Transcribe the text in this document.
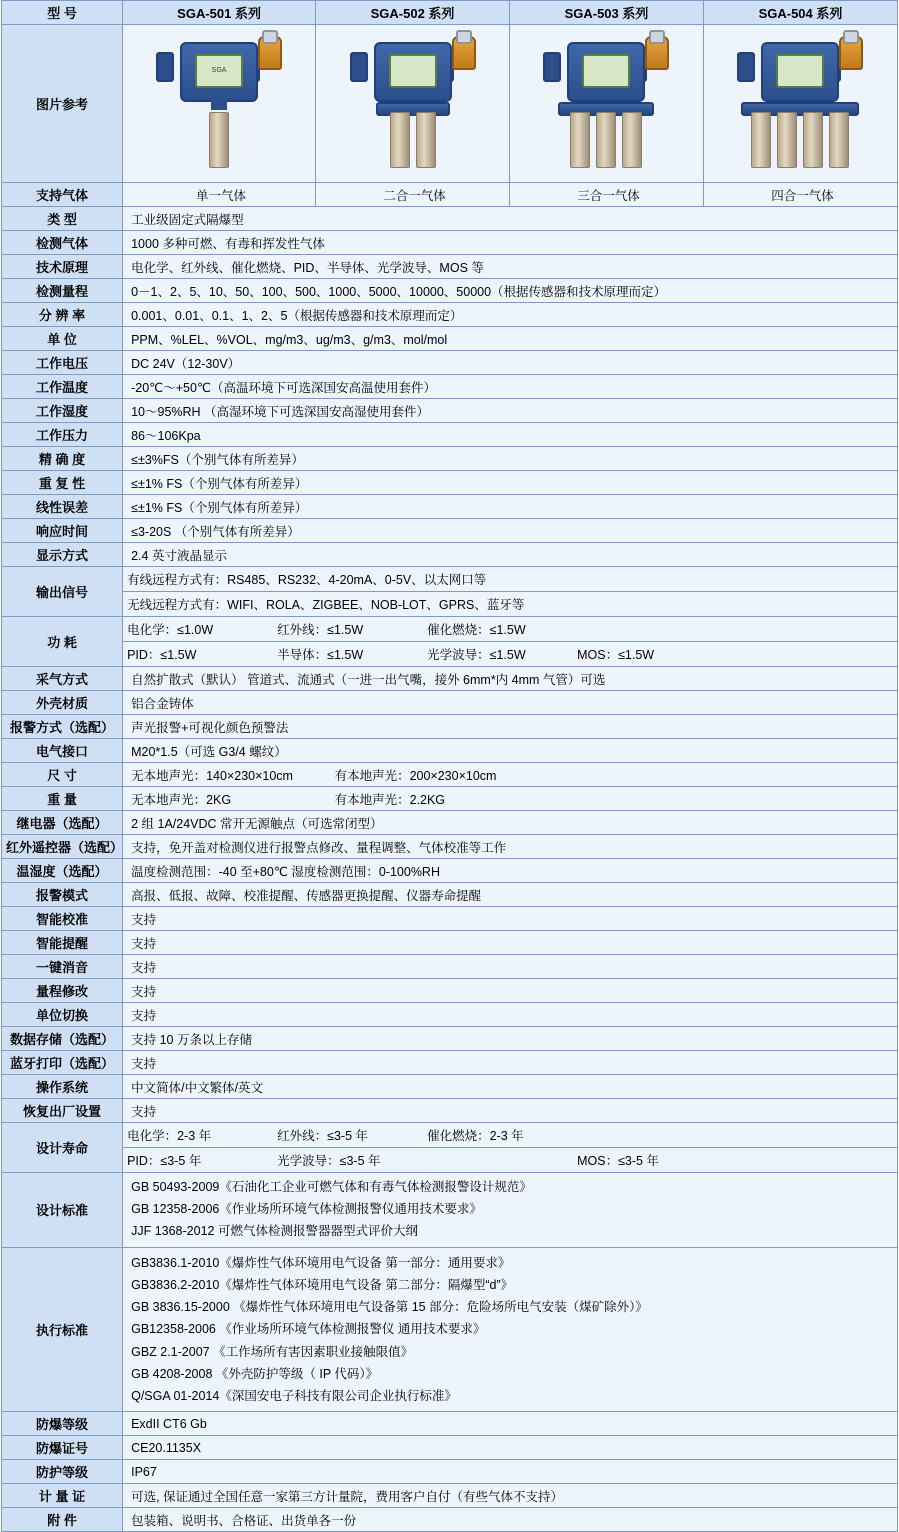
型 号	SGA-501 系列	SGA-502 系列	SGA-503 系列	SGA-504 系列
图片参考	SGA			

支持气体	单一气体	二合一气体	三合一气体	四合一气体
类 型	工业级固定式隔爆型			
检测气体	1000 多种可燃、有毒和挥发性气体			
技术原理	电化学、红外线、催化燃烧、PID、半导体、光学波导、MOS 等			
检测量程	0－1、2、5、10、50、100、500、1000、5000、10000、50000（根据传感器和技术原理而定）			
分 辨 率	0.001、0.01、0.1、1、2、5（根据传感器和技术原理而定）			
单 位	PPM、%LEL、%VOL、mg/m3、ug/m3、g/m3、mol/mol			
工作电压	DC 24V（12-30V）			
工作温度	-20℃～+50℃（高温环境下可选深国安高温使用套件）			
工作湿度	10～95%RH （高湿环境下可选深国安高湿使用套件）			
工作压力	86～106Kpa			
精 确 度	≤±3%FS（个别气体有所差异）			
重 复 性	≤±1% FS（个别气体有所差异）			
线性误差	≤±1% FS（个别气体有所差异）			
响应时间	≤3-20S （个别气体有所差异）			
显示方式	2.4 英寸液晶显示			
输出信号	有线远程方式有：RS485、RS232、4-20mA、0-5V、以太网口等
无线远程方式有：WIFI、ROLA、ZIGBEE、NOB-LOT、GPRS、蓝牙等			

功 耗	
电化学：≤1.0W	红外线：≤1.5W	催化燃烧：≤1.5W
PID：≤1.5W	半导体：≤1.5W	光学波导：≤1.5W	MOS：≤1.5W

采气方式	自然扩散式（默认） 管道式、流通式（一进一出气嘴，接外 6mm*内 4mm 气管）可选			
外壳材质	铝合金铸体			
报警方式（选配）	声光报警+可视化颜色预警法			
电气接口	M20*1.5（可选 G3/4 螺纹）			
尺 寸	无本地声光：140×230×10cm 有本地声光：200×230×10cm			
重 量	无本地声光：2KG 有本地声光：2.2KG			
继电器（选配）	2 组 1A/24VDC 常开无源触点（可选常闭型）			
红外遥控器（选配）	支持，免开盖对检测仪进行报警点修改、量程调整、气体校准等工作			
温湿度（选配）	温度检测范围：-40 至+80℃ 湿度检测范围：0-100%RH			
报警模式	高报、低报、故障、校准提醒、传感器更换提醒、仪器寿命提醒			
智能校准	支持			
智能提醒	支持			
一键消音	支持			
量程修改	支持			
单位切换	支持			
数据存储（选配）	支持 10 万条以上存储			
蓝牙打印（选配）	支持			
操作系统	中文简体/中文繁体/英文			
恢复出厂设置	支持			
设计寿命	
电化学：2-3 年	红外线：≤3-5 年	催化燃烧：2-3 年
PID：≤3-5 年	光学波导：≤3-5 年	MOS：≤3-5 年

设计标准	GB 50493-2009《石油化工企业可燃气体和有毒气体检测报警设计规范》
GB 12358-2006《作业场所环境气体检测报警仪通用技术要求》
JJF 1368-2012 可燃气体检测报警器器型式评价大纲			

执行标准	
GB3836.1-2010《爆炸性气体环境用电气设备 第一部分：通用要求》
GB3836.2-2010《爆炸性气体环境用电气设备 第二部分：隔爆型“d”》
GB 3836.15-2000 《爆炸性气体环境用电气设备第 15 部分：危险场所电气安装（煤矿除外）》
GB12358-2006 《作业场所环境气体检测报警仪 通用技术要求》
GBZ 2.1-2007 《工作场所有害因素职业接触限值》
GB 4208-2008 《外壳防护等级（ IP 代码）》
Q/SGA 01-2014《深国安电子科技有限公司企业执行标准》

防爆等级	ExdII CT6 Gb			
防爆证号	CE20.1135X			
防护等级	IP67			
计 量 证	可选, 保证通过全国任意一家第三方计量院，费用客户自付（有些气体不支持）			
附 件	包装箱、说明书、合格证、出货单各一份			
